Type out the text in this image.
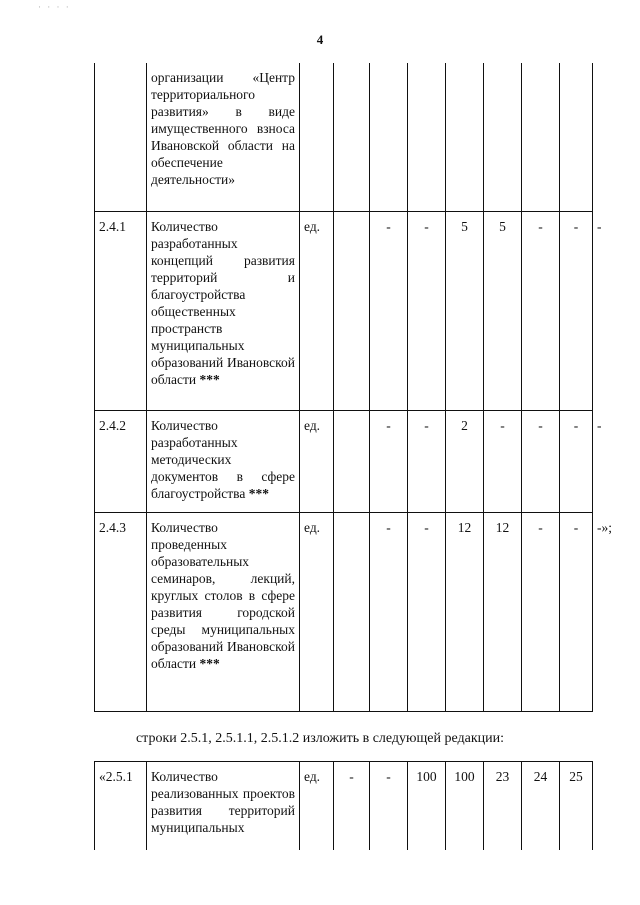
· · · ·
4
	организации «Центр территориального развития» в виде имущественного взноса Ивановской области на обеспечение деятельности»									
2.4.1	Количество разработанных концепций развития территорий и благоустройства общественных пространств муниципальных образований Ивановской области ***	ед.		-	-	5	5	-	-	-
2.4.2	Количество разработанных методических документов в сфере благоустройства ***	ед.		-	-	2	-	-	-	-
2.4.3	Количество проведенных образовательных семинаров, лекций, круглых столов в сфере развития городской среды муниципальных образований Ивановской области ***	ед.		-	-	12	12	-	-	-»;
строки 2.5.1, 2.5.1.1, 2.5.1.2 изложить в следующей редакции:
«2.5.1	Количество реализованных проектов развития территорий муниципальных	ед.	-	-	100	100	23	24	25
